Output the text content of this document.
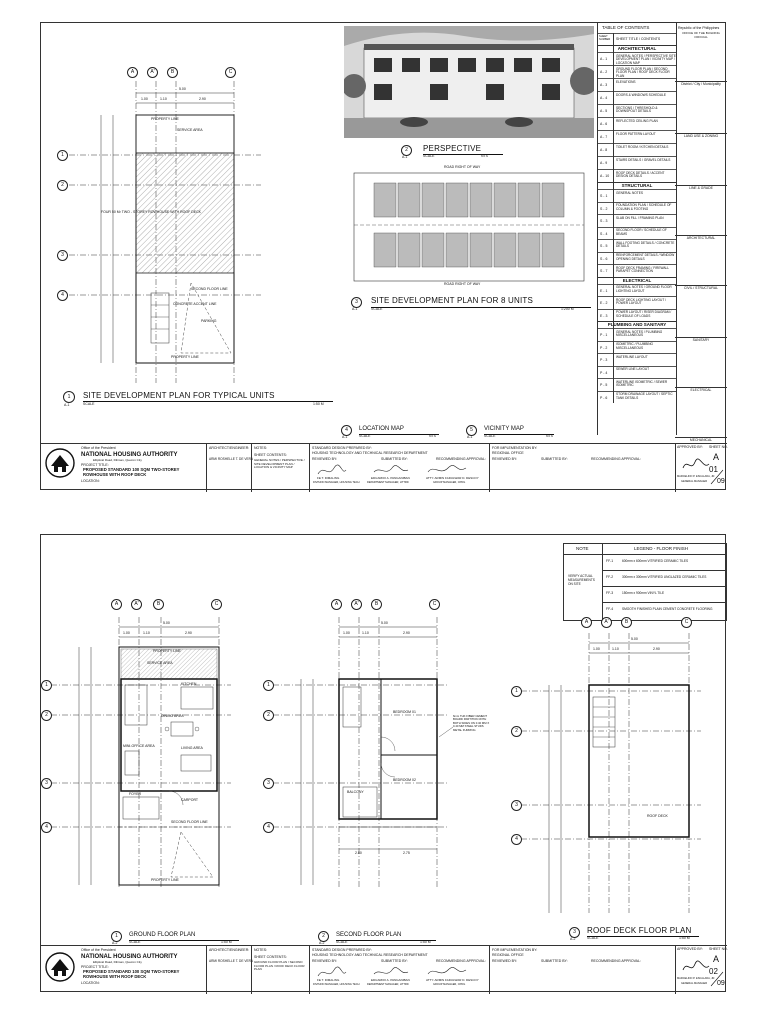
A	A'	B	C
1
2
3
4
5.00
1.00	1.10	2.90
PROPERTY LINE
SERVICE AREA
FOUR 50 M² TWO - STOREY ROWHOUSE WITH ROOF DECK
SECOND FLOOR LINE
CONCRETE ACCENT LINE
PARKING
PROPERTY LINE
1
A-1
SITE DEVELOPMENT PLAN FOR TYPICAL UNITS
SCALE	1:50 M
2
A-1
PERSPECTIVE
SCALE	NTS
ROAD RIGHT OF WAY
ROAD RIGHT OF WAY
3
A-1
SITE DEVELOPMENT PLAN FOR 8 UNITS
SCALE	1:200 M
4
A-1
LOCATION MAP
SCALE	NTS
5
A-1
VICINITY MAP
SCALE	NTS
TABLE OF CONTENTS
SHEET NUMBER	SHEET TITLE / CONTENTS
ARCHITECTURAL
A - 1
GENERAL NOTES / PERSPECTIVE SITE DEVELOPMENT PLAN / VICINITY MAP / LOCATION MAP
A - 2
GROUND FLOOR PLAN / SECOND FLOOR PLAN / ROOF DECK FLOOR PLAN
A - 3
ELEVATIONS
A - 4
DOORS & WINDOWS SCHEDULE
A - 5
SECTIONS / THRESHOLD & DOWNSPOUT DETAILS
A - 6
REFLECTED CEILING PLAN
A - 7
FLOOR PATTERN LAYOUT
A - 8
TOILET ROOM / KITCHEN DETAILS
A - 9
STAIRS DETAILS / GRAVEL DETAILS
A - 10
ROOF DECK DETAILS / ACCENT DESIGN DETAILS
STRUCTURAL
S - 1
GENERAL NOTES
S - 2
FOUNDATION PLAN / SCHEDULE OF COLUMN & FOOTING
S - 3
SLAB ON FILL / FRAMING PLAN
S - 4
SECOND FLOOR / SCHEDULE OF BEAMS
S - 5
WALL FOOTING DETAILS / CONCRETE DETAILS
S - 6
REINFORCEMENT DETAILS / WINDOW OPENING DETAILS
S - 7
ROOF DECK FRAMING / FIREWALL PARAPET CONNECTION
ELECTRICAL
E - 1
GENERAL NOTES / GROUND FLOOR LIGHTING LAYOUT
E - 2
ROOF DECK LIGHTING LAYOUT / POWER LAYOUT
E - 3
POWER LAYOUT / RISER DIAGRAM / SCHEDULE OF LOADS
PLUMBING AND SANITARY
P - 1
GENERAL NOTES / PLUMBING MISCELLANEOUS
P - 2
ISOMETRIC / PLUMBING MISCELLANEOUS
P - 3
WATERLINE LAYOUT
P - 4
SEWER LINE LAYOUT
P - 5
WATERLINE ISOMETRIC / SEWER ISOMETRIC
P - 6
STORM DRAINAGE LAYOUT / SEPTIC TANK DETAILS
Republic of the Philippines
OFFICE OF THE BUILDING OFFICIAL
District / City / Municipality
LAND USE & ZONING
LINE & GRADE
ARCHITECTURAL
CIVIL / STRUCTURAL
SANITARY
ELECTRICAL
MECHANICAL
Office of the President
NATIONAL HOUSING AUTHORITY
Elliptical Road, Diliman, Quezon City
PROJECT TITLE:
PROPOSED STANDARD 100 SQM TWO-STOREY ROWHOUSE WITH ROOF DECK
LOCATION:
ARCHITECT/ENGINEER:
ARMI ROSHELLE T. DE VERA
NOTES:
SHEET CONTENTS:
GENERAL NOTES / PERSPECTIVE / SITE DEVELOPMENT PLAN / LOCATION & VICINITY MAP
STANDARD DESIGN PREPARED BY:
HOUSING TECHNOLOGY AND TECHNICAL RESEARCH DEPARTMENT
REVIEWED BY:	SUBMITTED BY:	RECOMMENDING APPROVAL:
FE T. DIMALING
DIVISION MANAGER, HOUSING TECH
EDUARDO A. PANGANIBAN
DEPARTMENT MANAGER, HTTRD
ATTY. ARMIN FADULWAR D. DESCOY
GROUP MANAGER, CPDG
FOR IMPLEMENTATION BY:
REGIONAL OFFICE
REVIEWED BY:	SUBMITTED BY:	RECOMMENDING APPROVAL:
APPROVED BY: SHEET NO.
MARCELINO P. ESCALADA, JR.
GENERAL MANAGER
A
01
09
NOTE	LEGEND - FLOOR FINISH
VERIFY ACTUAL MEASUREMENTS ON SITE
FF-1	600mm x 600mm VITRIFIED CERAMIC TILES
FF-2	300mm x 300mm VITRIFIED UNGLAZED CERAMIC TILES
FF-3	150mm x 900mm VINYL TILE
FF-4	SMOOTH FINISHED PLAIN CEMENT CONCRETE FLOORING
A	A'	B	C
1
2
3
4
5.00
1.00	1.10	2.90
PROPERTY LINE
SERVICE AREA
KITCHEN
DINING AREA
MINI-OFFICE AREA	LIVING AREA
FOYER
CARPORT
SECOND FLOOR LINE
PROPERTY LINE
1
A-2
GROUND FLOOR PLAN
SCALE	1:50 M
A	A'	B	C
1
2
3
4
5.00
1.00	1.10	2.90
BEDROOM 01
BEDROOM 02
BALCONY
6mm THK FIBER CEMENT BOARD PARTITION WITH BOTH SIDES ON 0.40 MM X 0.40 MM STEEL STUDS METAL FURRING
2.80	2.75
2
A-2
SECOND FLOOR PLAN
SCALE	1:50 M
A	A'	B	C
1
2
3
4
5.00
1.00	1.10	2.90
ROOF DECK
3
A-2
ROOF DECK FLOOR PLAN
SCALE	1:50 M
Office of the President
NATIONAL HOUSING AUTHORITY
Elliptical Road, Diliman, Quezon City
PROJECT TITLE:
PROPOSED STANDARD 100 SQM TWO-STOREY ROWHOUSE WITH ROOF DECK
LOCATION:
ARCHITECT/ENGINEER:
ARMI ROSHELLE T. DE VERA
NOTES:
SHEET CONTENTS:
GROUND FLOOR PLAN / SECOND FLOOR PLAN / ROOF DECK FLOOR PLAN
STANDARD DESIGN PREPARED BY:
HOUSING TECHNOLOGY AND TECHNICAL RESEARCH DEPARTMENT
REVIEWED BY:	SUBMITTED BY:	RECOMMENDING APPROVAL:
FE T. DIMALING
DIVISION MANAGER, HOUSING TECH
EDUARDO A. PANGANIBAN
DEPARTMENT MANAGER, HTTRD
ATTY. ARMIN FADULWAR D. DESCOY
GROUP MANAGER, CPDG
FOR IMPLEMENTATION BY:
REGIONAL OFFICE
REVIEWED BY:	SUBMITTED BY:	RECOMMENDING APPROVAL:
APPROVED BY: SHEET NO.
MARCELINO P. ESCALADA, JR.
GENERAL MANAGER
A
02
09
